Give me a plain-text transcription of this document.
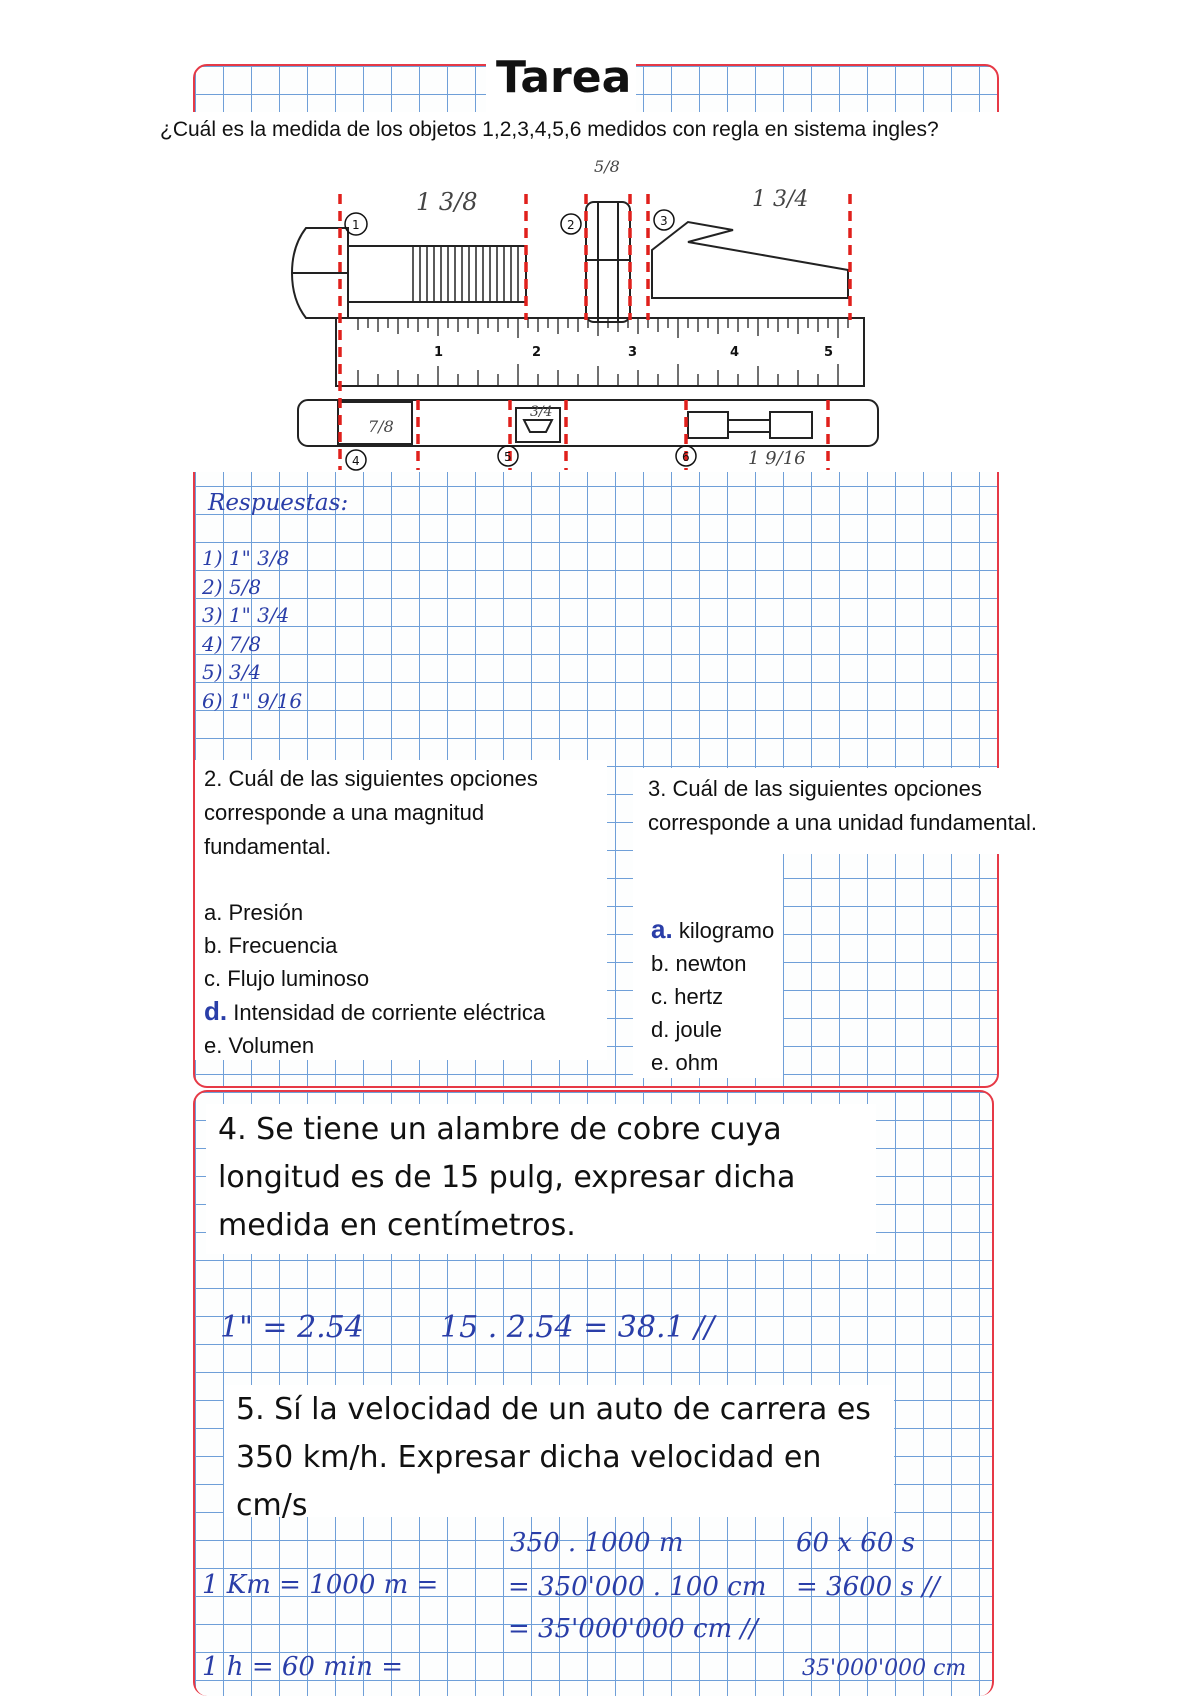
Tarea
¿Cuál es la medida de los objetos 1,2,3,4,5,6 medidos con regla en sistema ingles?
1	2	3	4	5
1	2	3
4	5	6
1 3/8
5/8
1 3/4
7/8
3/4
1 9/16
Respuestas:
1) 1" 3/8
2) 5/8
3) 1" 3/4
4) 7/8
5) 3/4
6) 1" 9/16
2. Cuál de las siguientes opciones corresponde a una magnitud fundamental.
a. Presión
b. Frecuencia
c. Flujo luminoso
d. Intensidad de corriente eléctrica
e. Volumen
3. Cuál de las siguientes opciones corresponde a una unidad fundamental.
a. kilogramo
b. newton
c. hertz
d. joule
e. ohm
4. Se tiene un alambre de cobre cuya longitud es de 15 pulg, expresar dicha medida en centímetros.
1" = 2.54	15 . 2.54 = 38.1 //
5. Sí la velocidad de un auto de carrera es 350 km/h. Expresar dicha velocidad en cm/s
1 Km = 1000 m =
350 . 1000 m
= 350'000 . 100 cm
= 35'000'000 cm //
60 x 60 s
= 3600 s //
1 h = 60 min =	35'000'000 cm
